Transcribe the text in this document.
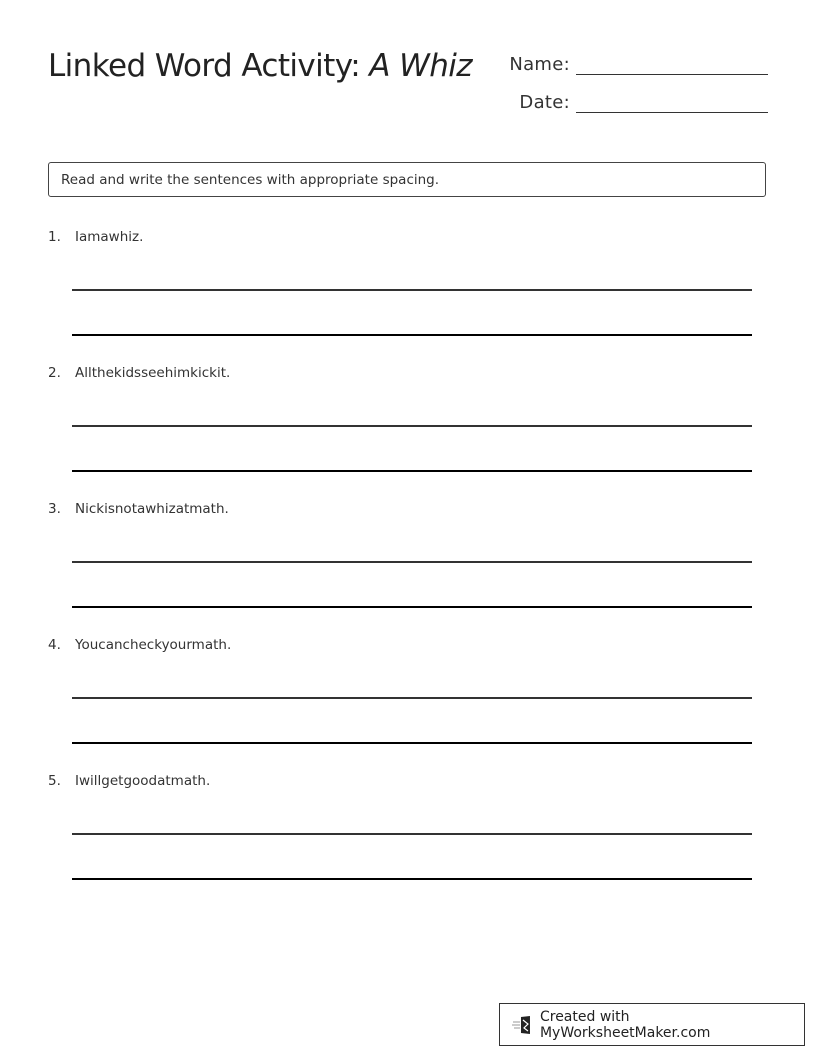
Linked Word Activity: A Whiz	Name:
Date:
Read and write the sentences with appropriate spacing.
1.	Iamawhiz.
2.	Allthekidsseehimkickit.
3.	Nickisnotawhizatmath.
4.	Youcancheckyourmath.
5.	Iwillgetgoodatmath.
Created with MyWorksheetMaker.com
